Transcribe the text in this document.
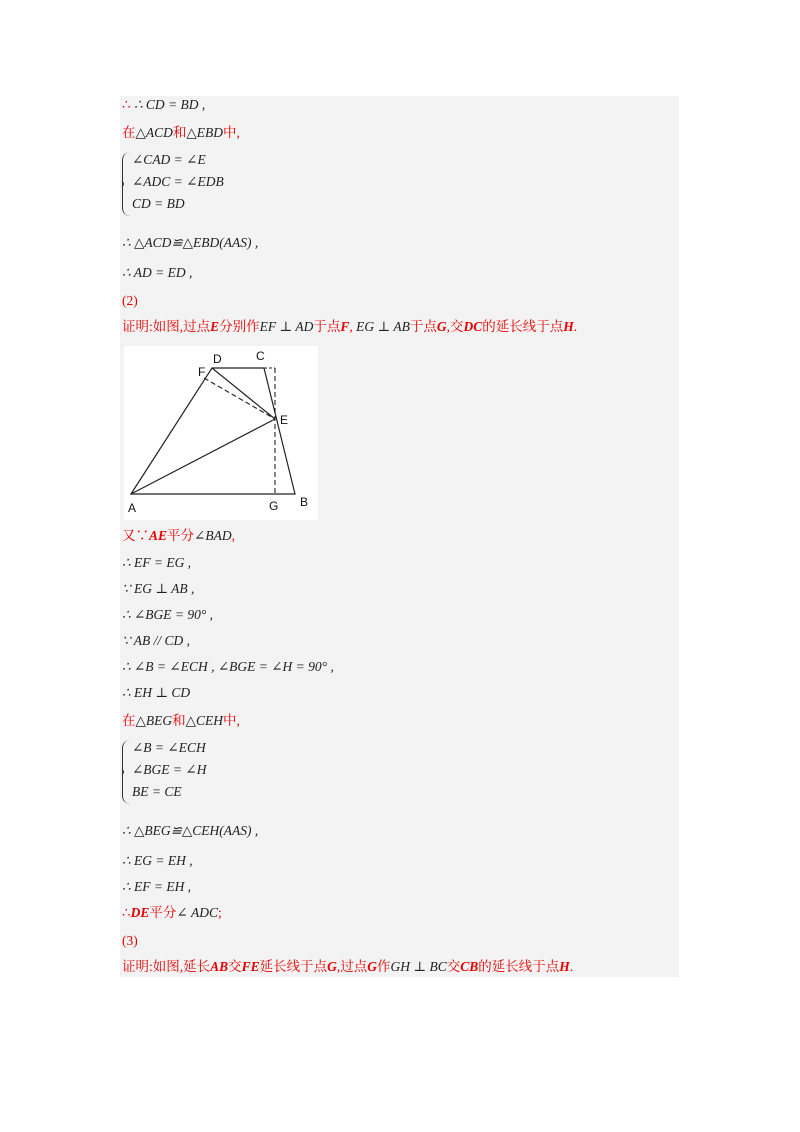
∴ ∴ CD = BD ,
在△ACD和△EBD中,
∠CAD = ∠E
∠ADC = ∠EDB
CD = BD
∴ △ACD≌△EBD(AAS) ,
∴ AD = ED ,
(2)
证明:如图,过点E分别作EF ⊥ AD于点F, EG ⊥ AB于点G,交DC的延长线于点H.
D	C
F
E
A	G B
又∵AE平分∠BAD,
∴ EF = EG ,
∵ EG ⊥ AB ,
∴ ∠BGE = 90° ,
∵ AB // CD ,
∴ ∠B = ∠ECH , ∠BGE = ∠H = 90° ,
∴ EH ⊥ CD
在△BEG和△CEH中,
∠B = ∠ECH
∠BGE = ∠H
BE = CE
∴ △BEG≌△CEH(AAS) ,
∴ EG = EH ,
∴ EF = EH ,
∴DE平分∠ ADC;
(3)
证明:如图,延长AB交FE延长线于点G,过点G作GH ⊥ BC交CB的延长线于点H.
